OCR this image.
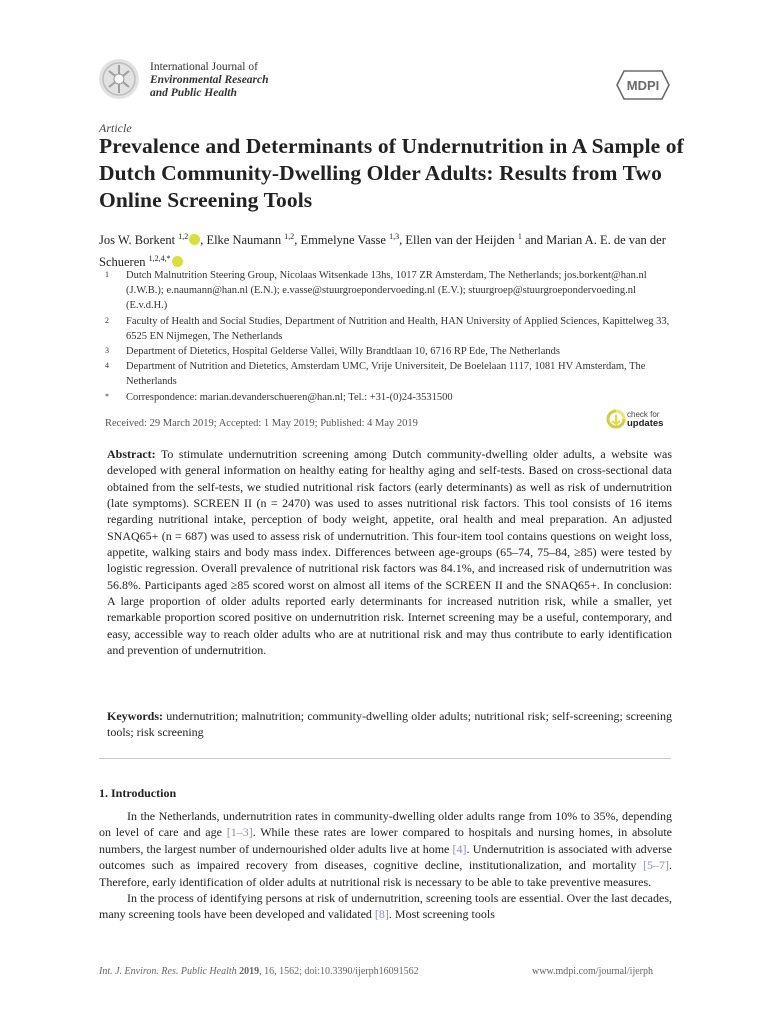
International Journal of
Environmental Research
and Public Health	MDPI
Article
Prevalence and Determinants of Undernutrition in A Sample of Dutch Community-Dwelling Older Adults: Results from Two Online Screening Tools
Jos W. Borkent $^{1,2}$ , Elke Naumann $^{1,2}$, Emmelyne Vasse $^{1,3}$, Ellen van der Heijden $^1$ and Marian A. E. de van der Schueren $^{1,2,4,*}$
1	Dutch Malnutrition Steering Group, Nicolaas Witsenkade 13hs, 1017 ZR Amsterdam, The Netherlands; jos.borkent@han.nl (J.W.B.); e.naumann@han.nl (E.N.); e.vasse@stuurgroepondervoeding.nl (E.V.); stuurgroep@stuurgroepondervoeding.nl (E.v.d.H.)
2	Faculty of Health and Social Studies, Department of Nutrition and Health, HAN University of Applied Sciences, Kapittelweg 33, 6525 EN Nijmegen, The Netherlands
3	Department of Dietetics, Hospital Gelderse Vallei, Willy Brandtlaan 10, 6716 RP Ede, The Netherlands
4	Department of Nutrition and Dietetics, Amsterdam UMC, Vrije Universiteit, De Boelelaan 1117, 1081 HV Amsterdam, The Netherlands
*	Correspondence: marian.devanderschueren@han.nl; Tel.: +31-(0)24-3531500
Received: 29 March 2019; Accepted: 1 May 2019; Published: 4 May 2019
check for
updates
Abstract: To stimulate undernutrition screening among Dutch community-dwelling older adults, a website was developed with general information on healthy eating for healthy aging and self-tests. Based on cross-sectional data obtained from the self-tests, we studied nutritional risk factors (early determinants) as well as risk of undernutrition (late symptoms). SCREEN II (n = 2470) was used to asses nutritional risk factors. This tool consists of 16 items regarding nutritional intake, perception of body weight, appetite, oral health and meal preparation. An adjusted SNAQ65+ (n = 687) was used to assess risk of undernutrition. This four-item tool contains questions on weight loss, appetite, walking stairs and body mass index. Differences between age-groups (65–74, 75–84, ≥85) were tested by logistic regression. Overall prevalence of nutritional risk factors was 84.1%, and increased risk of undernutrition was 56.8%. Participants aged ≥85 scored worst on almost all items of the SCREEN II and the SNAQ65+. In conclusion: A large proportion of older adults reported early determinants for increased nutrition risk, while a smaller, yet remarkable proportion scored positive on undernutrition risk. Internet screening may be a useful, contemporary, and easy, accessible way to reach older adults who are at nutritional risk and may thus contribute to early identification and prevention of undernutrition.
Keywords: undernutrition; malnutrition; community-dwelling older adults; nutritional risk; self-screening; screening tools; risk screening
1. Introduction

In the Netherlands, undernutrition rates in community-dwelling older adults range from 10% to 35%, depending on level of care and age [1–3]. While these rates are lower compared to hospitals and nursing homes, in absolute numbers, the largest number of undernourished older adults live at home [4]. Undernutrition is associated with adverse outcomes such as impaired recovery from diseases, cognitive decline, institutionalization, and mortality [5–7]. Therefore, early identification of older adults at nutritional risk is necessary to be able to take preventive measures.

In the process of identifying persons at risk of undernutrition, screening tools are essential. Over the last decades, many screening tools have been developed and validated [8]. Most screening tools

Int. J. Environ. Res. Public Health 2019, 16, 1562; doi:10.3390/ijerph16091562	www.mdpi.com/journal/ijerph
